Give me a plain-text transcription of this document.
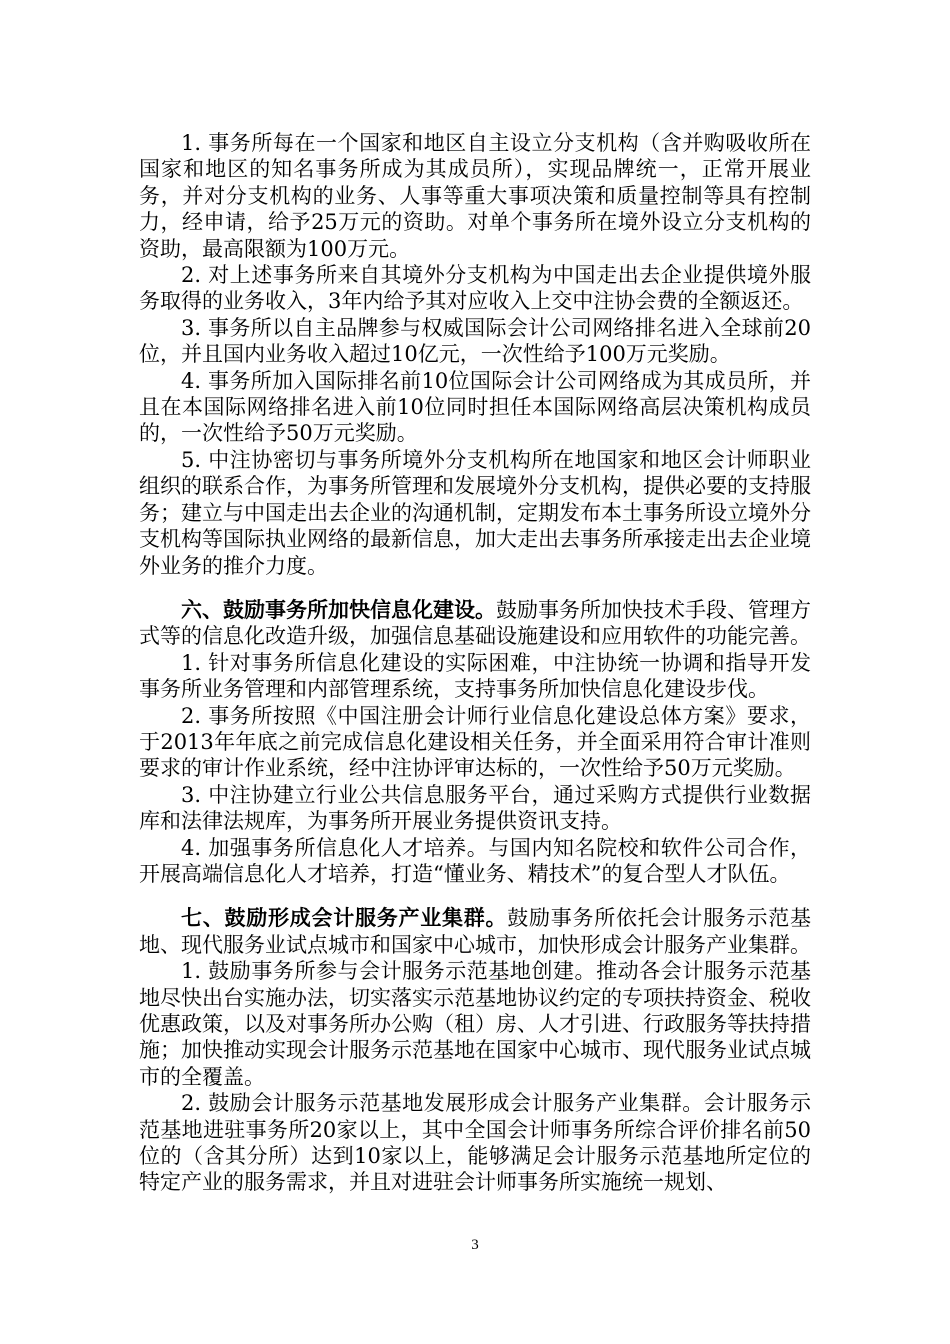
1. 事务所每在一个国家和地区自主设立分支机构（含并购吸收所在国家和地区的知名事务所成为其成员所），实现品牌统一，正常开展业务，并对分支机构的业务、人事等重大事项决策和质量控制等具有控制力，经申请，给予25万元的资助。对单个事务所在境外设立分支机构的资助，最高限额为100万元。

2. 对上述事务所来自其境外分支机构为中国走出去企业提供境外服务取得的业务收入，3年内给予其对应收入上交中注协会费的全额返还。

3. 事务所以自主品牌参与权威国际会计公司网络排名进入全球前20位，并且国内业务收入超过10亿元，一次性给予100万元奖励。

4. 事务所加入国际排名前10位国际会计公司网络成为其成员所，并且在本国际网络排名进入前10位同时担任本国际网络高层决策机构成员的，一次性给予50万元奖励。

5. 中注协密切与事务所境外分支机构所在地国家和地区会计师职业组织的联系合作，为事务所管理和发展境外分支机构，提供必要的支持服务；建立与中国走出去企业的沟通机制，定期发布本土事务所设立境外分支机构等国际执业网络的最新信息，加大走出去事务所承接走出去企业境外业务的推介力度。

六、鼓励事务所加快信息化建设。鼓励事务所加快技术手段、管理方式等的信息化改造升级，加强信息基础设施建设和应用软件的功能完善。

1. 针对事务所信息化建设的实际困难，中注协统一协调和指导开发事务所业务管理和内部管理系统，支持事务所加快信息化建设步伐。

2. 事务所按照《中国注册会计师行业信息化建设总体方案》要求，于2013年年底之前完成信息化建设相关任务，并全面采用符合审计准则要求的审计作业系统，经中注协评审达标的，一次性给予50万元奖励。

3. 中注协建立行业公共信息服务平台，通过采购方式提供行业数据库和法律法规库，为事务所开展业务提供资讯支持。

4. 加强事务所信息化人才培养。与国内知名院校和软件公司合作，开展高端信息化人才培养，打造“懂业务、精技术”的复合型人才队伍。

七、鼓励形成会计服务产业集群。鼓励事务所依托会计服务示范基地、现代服务业试点城市和国家中心城市，加快形成会计服务产业集群。

1. 鼓励事务所参与会计服务示范基地创建。推动各会计服务示范基地尽快出台实施办法，切实落实示范基地协议约定的专项扶持资金、税收优惠政策，以及对事务所办公购（租）房、人才引进、行政服务等扶持措施；加快推动实现会计服务示范基地在国家中心城市、现代服务业试点城市的全覆盖。

2. 鼓励会计服务示范基地发展形成会计服务产业集群。会计服务示范基地进驻事务所20家以上，其中全国会计师事务所综合评价排名前50位的（含其分所）达到10家以上，能够满足会计服务示范基地所定位的特定产业的服务需求，并且对进驻会计师事务所实施统一规划、

3
